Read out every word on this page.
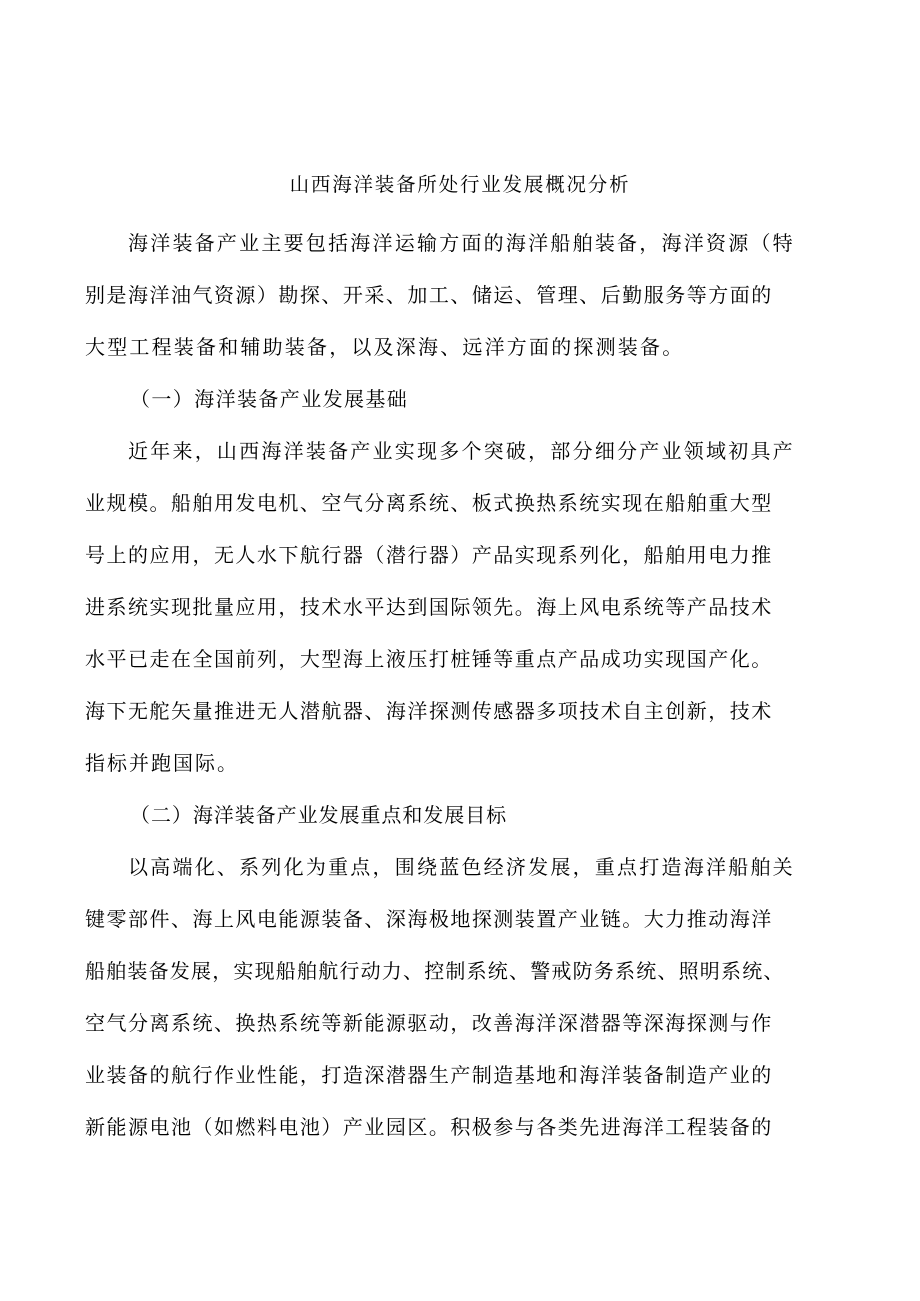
山西海洋装备所处行业发展概况分析
海洋装备产业主要包括海洋运输方面的海洋船舶装备，海洋资源（特
别是海洋油气资源）勘探、开采、加工、储运、管理、后勤服务等方面的
大型工程装备和辅助装备，以及深海、远洋方面的探测装备。
（一）海洋装备产业发展基础
近年来，山西海洋装备产业实现多个突破，部分细分产业领域初具产
业规模。船舶用发电机、空气分离系统、板式换热系统实现在船舶重大型
号上的应用，无人水下航行器（潜行器）产品实现系列化，船舶用电力推
进系统实现批量应用，技术水平达到国际领先。海上风电系统等产品技术
水平已走在全国前列，大型海上液压打桩锤等重点产品成功实现国产化。
海下无舵矢量推进无人潜航器、海洋探测传感器多项技术自主创新，技术
指标并跑国际。
（二）海洋装备产业发展重点和发展目标
以高端化、系列化为重点，围绕蓝色经济发展，重点打造海洋船舶关
键零部件、海上风电能源装备、深海极地探测装置产业链。大力推动海洋
船舶装备发展，实现船舶航行动力、控制系统、警戒防务系统、照明系统、
空气分离系统、换热系统等新能源驱动，改善海洋深潜器等深海探测与作
业装备的航行作业性能，打造深潜器生产制造基地和海洋装备制造产业的
新能源电池（如燃料电池）产业园区。积极参与各类先进海洋工程装备的
